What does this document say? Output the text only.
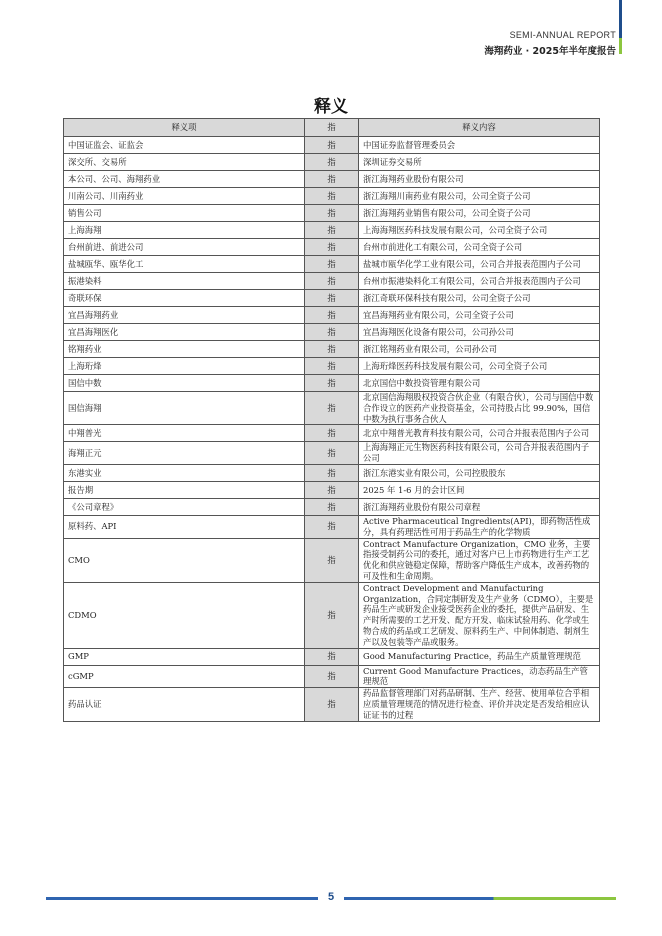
SEMI-ANNUAL REPORT
海翔药业 · 2025年半年度报告
释义
释义项	指	释义内容
中国证监会、证监会	指	中国证券监督管理委员会
深交所、交易所	指	深圳证券交易所
本公司、公司、海翔药业	指	浙江海翔药业股份有限公司
川南公司、川南药业	指	浙江海翔川南药业有限公司，公司全资子公司
销售公司	指	浙江海翔药业销售有限公司，公司全资子公司
上海海翔	指	上海海翔医药科技发展有限公司，公司全资子公司
台州前进、前进公司	指	台州市前进化工有限公司，公司全资子公司
盐城瓯华、瓯华化工	指	盐城市瓯华化学工业有限公司，公司合并报表范围内子公司
振港染料	指	台州市振港染料化工有限公司，公司合并报表范围内子公司
奇联环保	指	浙江奇联环保科技有限公司，公司全资子公司
宜昌海翔药业	指	宜昌海翔药业有限公司，公司全资子公司
宜昌海翔医化	指	宜昌海翔医化设备有限公司，公司孙公司
铭翔药业	指	浙江铭翔药业有限公司，公司孙公司
上海珩烽	指	上海珩烽医药科技发展有限公司，公司全资子公司
国信中数	指	北京国信中数投资管理有限公司
国信海翔	指	北京国信海翔股权投资合伙企业（有限合伙），公司与国信中数合作设立的医药产业投资基金，公司持股占比 99.90%，国信中数为执行事务合伙人
中翔普光	指	北京中翔普光教育科技有限公司，公司合并报表范围内子公司
海翔正元	指	上海海翔正元生物医药科技有限公司，公司合并报表范围内子公司
东港实业	指	浙江东港实业有限公司，公司控股股东
报告期	指	2025 年 1-6 月的会计区间
《公司章程》	指	浙江海翔药业股份有限公司章程
原料药、API	指	Active Pharmaceutical Ingredients(API)，即药物活性成分，具有药理活性可用于药品生产的化学物质
CMO	指	Contract Manufacture Organization，CMO 业务，主要指接受制药公司的委托，通过对客户已上市药物进行生产工艺优化和供应链稳定保障，帮助客户降低生产成本，改善药物的可及性和生命周期。
CDMO	指	Contract Development and Manufacturing Organization，合同定制研发及生产业务（CDMO），主要是药品生产或研发企业接受医药企业的委托，提供产品研发、生产时所需要的工艺开发、配方开发、临床试验用药、化学或生物合成的药品或工艺研发、原料药生产、中间体制造、制剂生产以及包装等产品或服务。
GMP	指	Good Manufacturing Practice，药品生产质量管理规范
cGMP	指	Current Good Manufacture Practices，动态药品生产管理规范
药品认证	指	药品监督管理部门对药品研制、生产、经营、使用单位合乎相应质量管理规范的情况进行检查、评价并决定是否发给相应认证证书的过程
5
